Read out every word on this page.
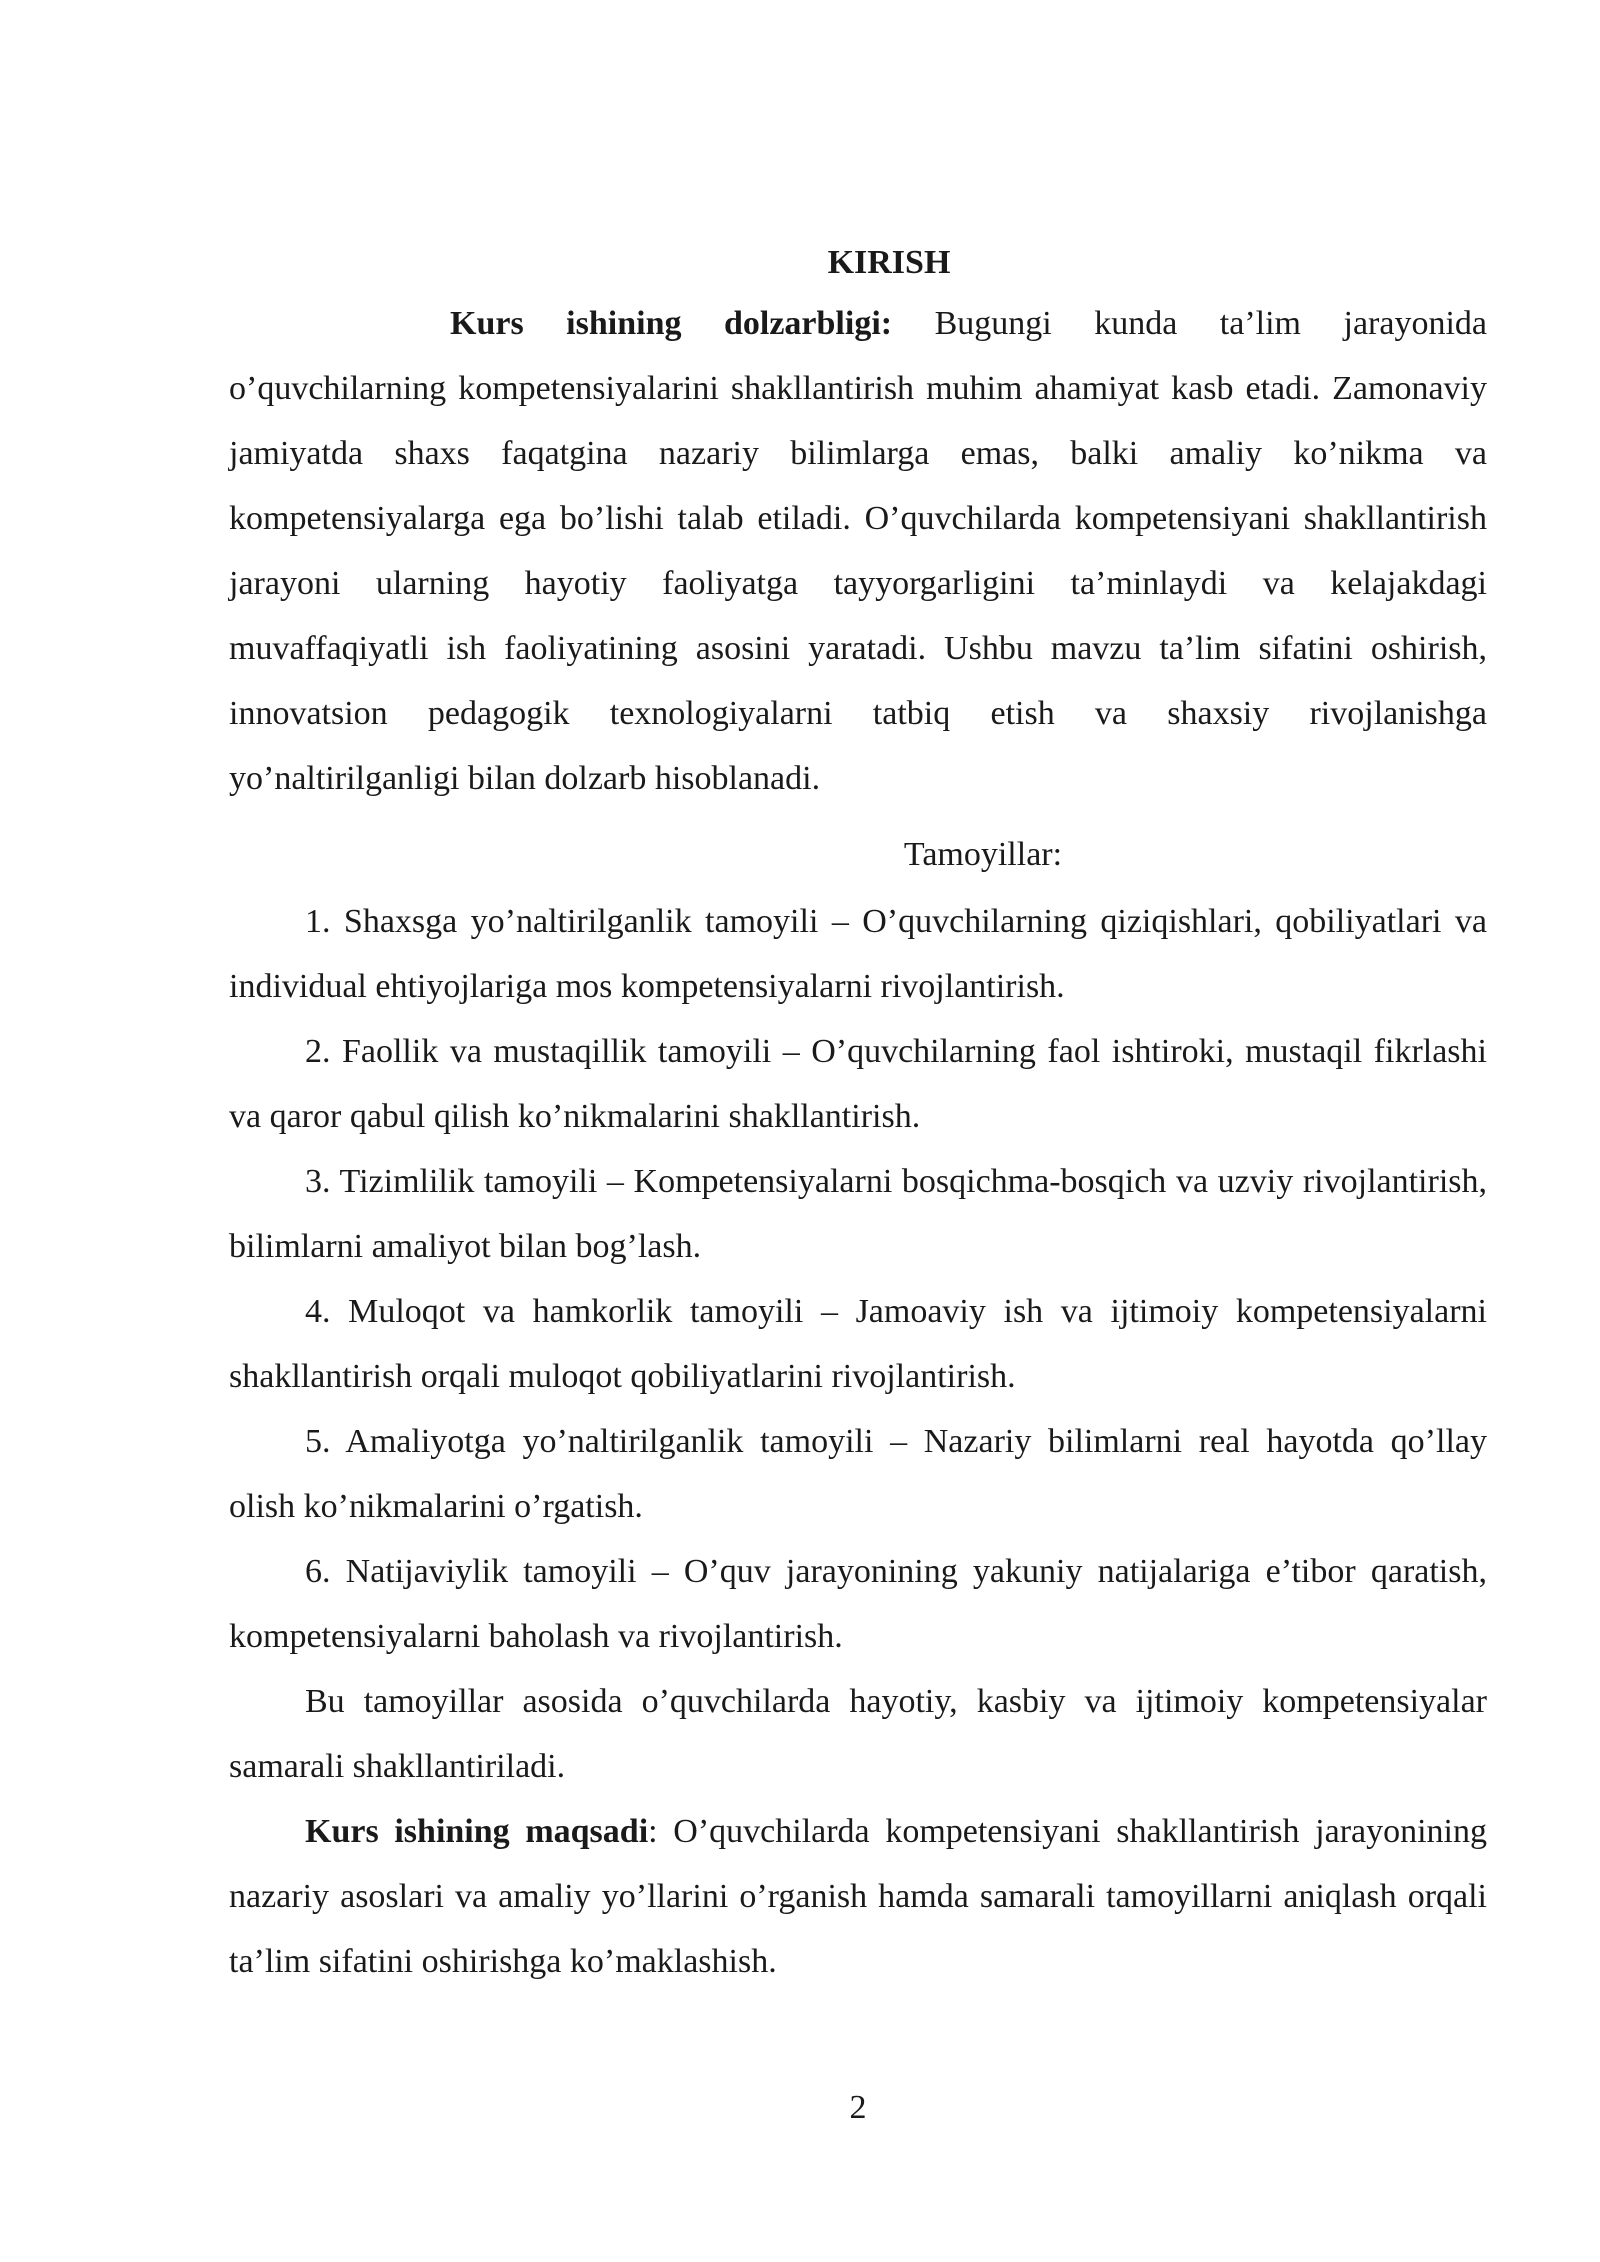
KIRISH

Kurs ishining dolzarbligi: Bugungi kunda ta’lim jarayonida o’quvchilarning kompetensiyalarini shakllantirish muhim ahamiyat kasb etadi. Zamonaviy jamiyatda shaxs faqatgina nazariy bilimlarga emas, balki amaliy ko’nikma va kompetensiyalarga ega bo’lishi talab etiladi. O’quvchilarda kompetensiyani shakllantirish jarayoni ularning hayotiy faoliyatga tayyorgarligini ta’minlaydi va kelajakdagi muvaffaqiyatli ish faoliyatining asosini yaratadi. Ushbu mavzu ta’lim sifatini oshirish, innovatsion pedagogik texnologiyalarni tatbiq etish va shaxsiy rivojlanishga yo’naltirilganligi bilan dolzarb hisoblanadi.

Tamoyillar:

1. Shaxsga yo’naltirilganlik tamoyili – O’quvchilarning qiziqishlari, qobiliyatlari va individual ehtiyojlariga mos kompetensiyalarni rivojlantirish.

2. Faollik va mustaqillik tamoyili – O’quvchilarning faol ishtiroki, mustaqil fikrlashi va qaror qabul qilish ko’nikmalarini shakllantirish.

3. Tizimlilik tamoyili – Kompetensiyalarni bosqichma-bosqich va uzviy rivojlantirish, bilimlarni amaliyot bilan bog’lash.

4. Muloqot va hamkorlik tamoyili – Jamoaviy ish va ijtimoiy kompetensiyalarni shakllantirish orqali muloqot qobiliyatlarini rivojlantirish.

5. Amaliyotga yo’naltirilganlik tamoyili – Nazariy bilimlarni real hayotda qo’llay olish ko’nikmalarini o’rgatish.

6. Natijaviylik tamoyili – O’quv jarayonining yakuniy natijalariga e’tibor qaratish, kompetensiyalarni baholash va rivojlantirish.

Bu tamoyillar asosida o’quvchilarda hayotiy, kasbiy va ijtimoiy kompetensiyalar samarali shakllantiriladi.

Kurs ishining maqsadi: O’quvchilarda kompetensiyani shakllantirish jarayonining nazariy asoslari va amaliy yo’llarini o’rganish hamda samarali tamoyillarni aniqlash orqali ta’lim sifatini oshirishga ko’maklashish.

2
